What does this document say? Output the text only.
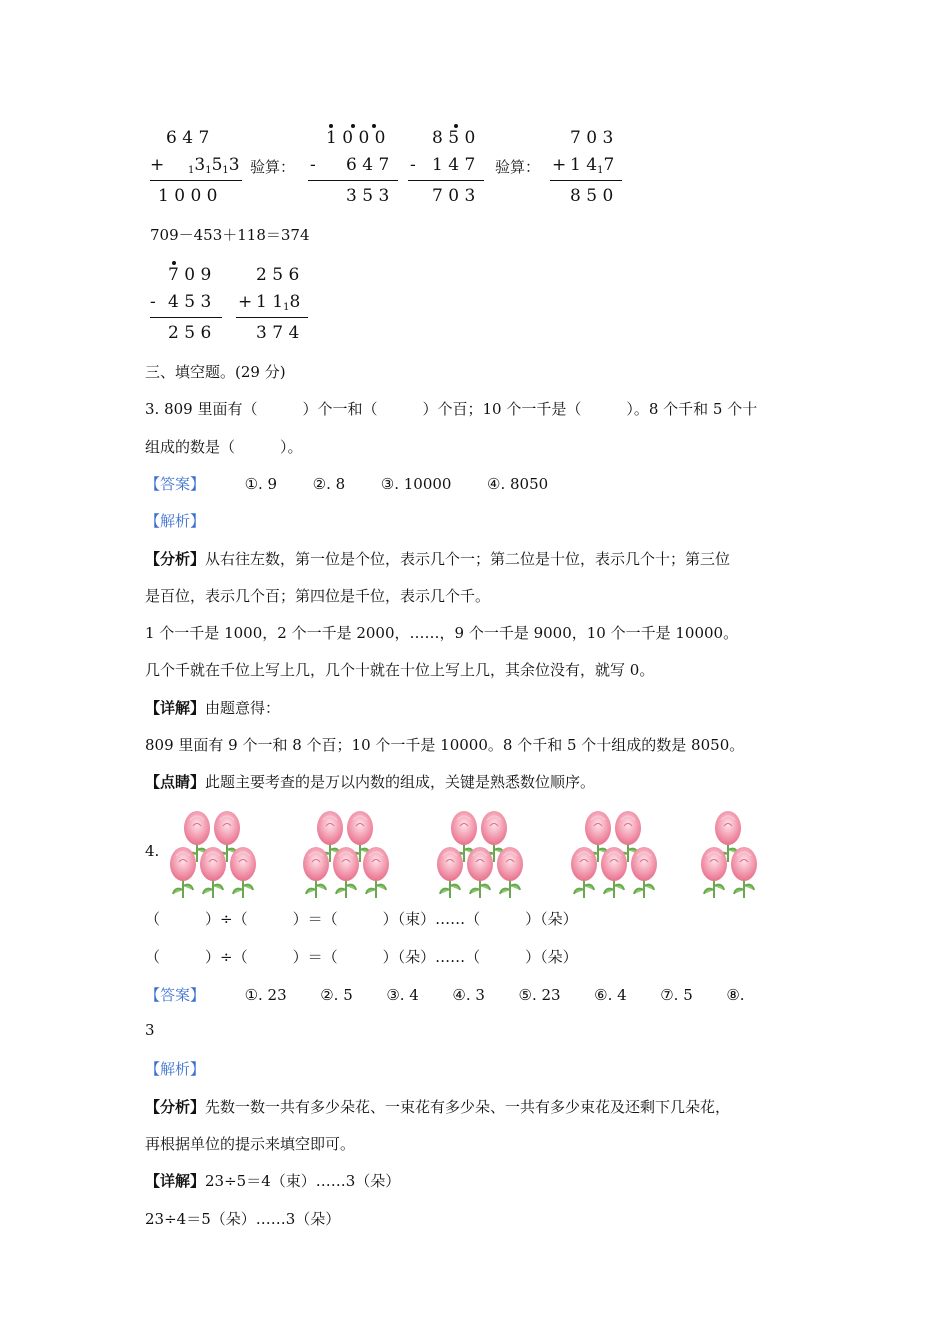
6 4 7
+ 131513
1 0 0 0
验算：
1 0 0 0
- 6 4 7
3 5 3
8 5 0
- 1 4 7
7 0 3
验算：
7 0 3
+ 1 417
8 5 0
709－453＋118＝374
7 0 9
- 4 5 3
2 5 6
2 5 6
+ 1 118
3 7 4
三、填空题。(29 分)
3. 809 里面有（　　　）个一和（　　　）个百；10 个一千是（　　　）。8 个千和 5 个十
组成的数是（　　　）。
【答案】	①. 9 ②. 8 ③. 10000 ④. 8050
【解析】
【分析】从右往左数，第一位是个位，表示几个一；第二位是十位，表示几个十；第三位
是百位，表示几个百；第四位是千位，表示几个千。
1 个一千是 1000，2 个一千是 2000，……，9 个一千是 9000，10 个一千是 10000。
几个千就在千位上写上几，几个十就在十位上写上几，其余位没有，就写 0。
【详解】由题意得：
809 里面有 9 个一和 8 个百；10 个一千是 10000。8 个千和 5 个十组成的数是 8050。
【点睛】此题主要考查的是万以内数的组成，关键是熟悉数位顺序。
4.
（　　　）÷（　　　）＝（　　　）（束）……（　　　）（朵）
（　　　）÷（　　　）＝（　　　）（朵）……（　　　）（朵）
【答案】	①. 23 ②. 5 ③. 4 ④. 3 ⑤. 23 ⑥. 4 ⑦. 5 ⑧.
3
【解析】
【分析】先数一数一共有多少朵花、一束花有多少朵、一共有多少束花及还剩下几朵花，
再根据单位的提示来填空即可。
【详解】23÷5＝4（束）……3（朵）
23÷4＝5（朵）……3（朵）
